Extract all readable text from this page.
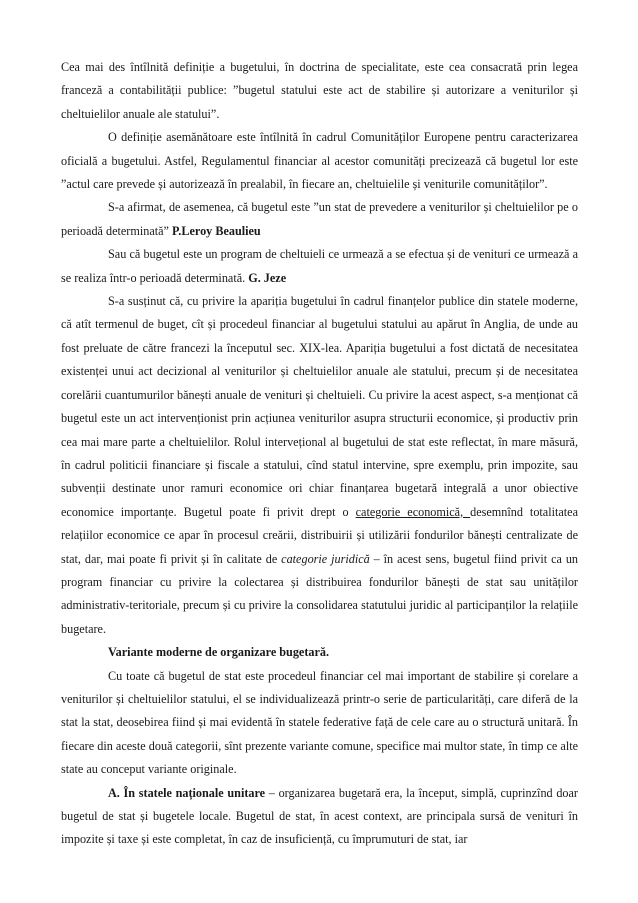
Cea mai des întîlnită definiție a bugetului, în doctrina de specialitate, este cea consacrată prin legea franceză a contabilității publice: ”bugetul statului este act de stabilire și autorizare a veniturilor și cheltuielilor anuale ale statului”.

O definiție asemănătoare este întîlnită în cadrul Comunităților Europene pentru caracterizarea oficială a bugetului. Astfel, Regulamentul financiar al acestor comunități precizează că bugetul lor este ”actul care prevede și autorizează în prealabil, în fiecare an, cheltuielile și veniturile comunităților”.

S-a afirmat, de asemenea, că bugetul este ”un stat de prevedere a veniturilor și cheltuielilor pe o perioadă determinată” P.Leroy Beaulieu

Sau că bugetul este un program de cheltuieli ce urmează a se efectua și de venituri ce urmează a se realiza într-o perioadă determinată. G. Jeze

S-a susținut că, cu privire la apariția bugetului în cadrul finanțelor publice din statele moderne, că atît termenul de buget, cît și procedeul financiar al bugetului statului au apărut în Anglia, de unde au fost preluate de către francezi la începutul sec. XIX-lea. Apariția bugetului a fost dictată de necesitatea existenței unui act decizional al veniturilor și cheltuielilor anuale ale statului, precum și de necesitatea corelării cuantumurilor bănești anuale de venituri și cheltuieli. Cu privire la acest aspect, s-a menționat că bugetul este un act intervenționist prin acțiunea veniturilor asupra structurii economice, și productiv prin cea mai mare parte a cheltuielilor. Rolul intervețional al bugetului de stat este reflectat, în mare măsură, în cadrul politicii financiare și fiscale a statului, cînd statul intervine, spre exemplu, prin impozite, sau subvenții destinate unor ramuri economice ori chiar finanțarea bugetară integrală a unor obiective economice importanțe. Bugetul poate fi privit drept o categorie economică, desemnînd totalitatea relațiilor economice ce apar în procesul creării, distribuirii și utilizării fondurilor bănești centralizate de stat, dar, mai poate fi privit și în calitate de categorie juridică – în acest sens, bugetul fiind privit ca un program financiar cu privire la colectarea și distribuirea fondurilor bănești de stat sau unităților administrativ-teritoriale, precum și cu privire la consolidarea statutului juridic al participanților la relațiile bugetare.

Variante moderne de organizare bugetară.

Cu toate că bugetul de stat este procedeul financiar cel mai important de stabilire și corelare a veniturilor și cheltuielilor statului, el se individualizează printr-o serie de particularități, care diferă de la stat la stat, deosebirea fiind și mai evidentă în statele federative față de cele care au o structură unitară. În fiecare din aceste două categorii, sînt prezente variante comune, specifice mai multor state, în timp ce alte state au conceput variante originale.

A. În statele naționale unitare – organizarea bugetară era, la început, simplă, cuprinzînd doar bugetul de stat și bugetele locale. Bugetul de stat, în acest context, are principala sursă de venituri în impozite și taxe și este completat, în caz de insuficiență, cu împrumuturi de stat, iar
